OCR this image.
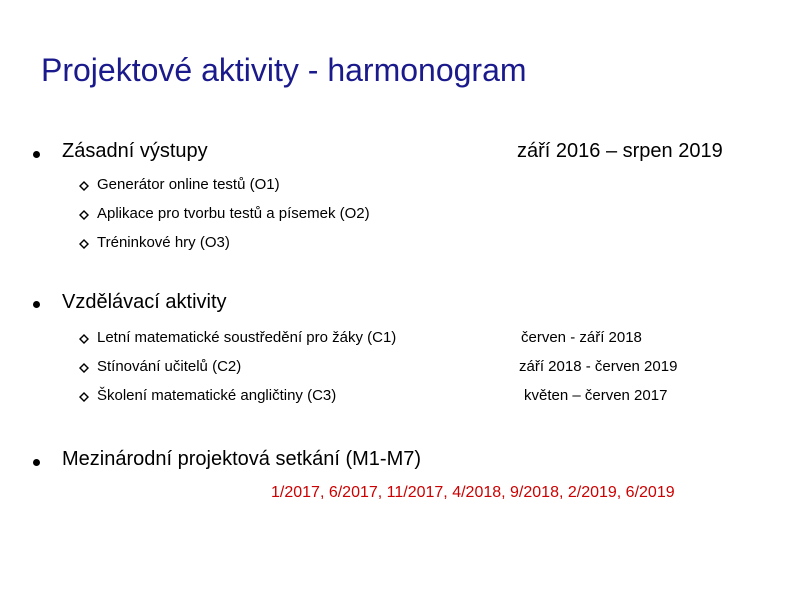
Projektové aktivity - harmonogram
Zásadní výstupy	září 2016 – srpen 2019
Generátor online testů (O1)
Aplikace pro tvorbu testů a písemek (O2)
Tréninkové hry (O3)
Vzdělávací aktivity
Letní matematické soustředění pro žáky (C1)	červen - září 2018
Stínování učitelů (C2)	září 2018 - červen 2019
Školení matematické angličtiny (C3)	květen – červen 2017
Mezinárodní projektová setkání (M1-M7)
1/2017, 6/2017, 11/2017, 4/2018, 9/2018, 2/2019, 6/2019
